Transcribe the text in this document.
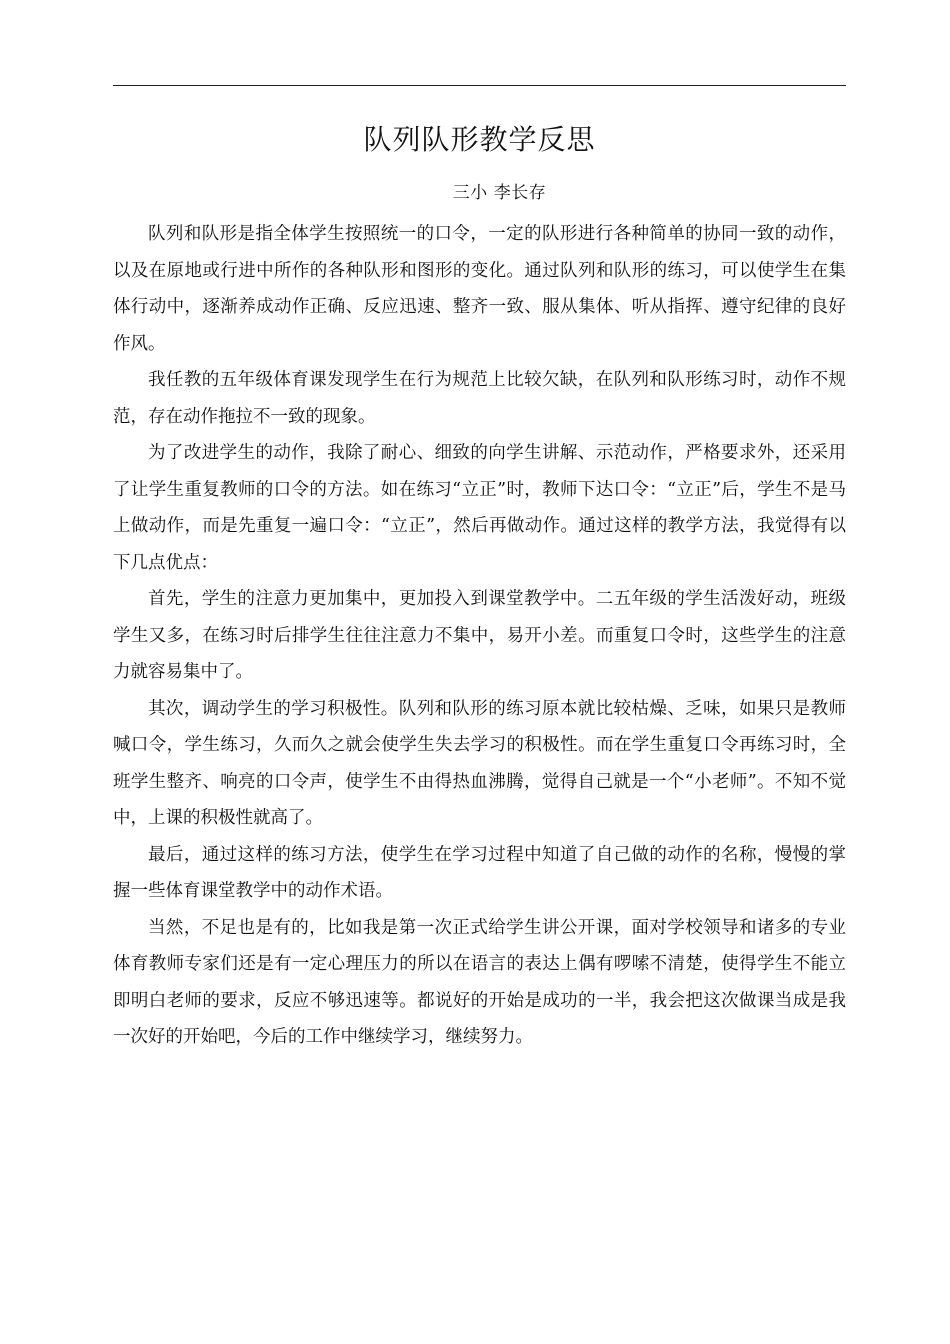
队列队形教学反思
三小 李长存

队列和队形是指全体学生按照统一的口令，一定的队形进行各种简单的协同一致的动作，以及在原地或行进中所作的各种队形和图形的变化。通过队列和队形的练习，可以使学生在集体行动中，逐渐养成动作正确、反应迅速、整齐一致、服从集体、听从指挥、遵守纪律的良好作风。

我任教的五年级体育课发现学生在行为规范上比较欠缺，在队列和队形练习时，动作不规范，存在动作拖拉不一致的现象。

为了改进学生的动作，我除了耐心、细致的向学生讲解、示范动作，严格要求外，还采用了让学生重复教师的口令的方法。如在练习“立正”时，教师下达口令：“立正”后，学生不是马上做动作，而是先重复一遍口令：“立正”，然后再做动作。通过这样的教学方法，我觉得有以下几点优点：

首先，学生的注意力更加集中，更加投入到课堂教学中。二五年级的学生活泼好动，班级学生又多，在练习时后排学生往往注意力不集中，易开小差。而重复口令时，这些学生的注意力就容易集中了。

其次，调动学生的学习积极性。队列和队形的练习原本就比较枯燥、乏味，如果只是教师喊口令，学生练习，久而久之就会使学生失去学习的积极性。而在学生重复口令再练习时，全班学生整齐、响亮的口令声，使学生不由得热血沸腾，觉得自己就是一个“小老师”。不知不觉中，上课的积极性就高了。

最后，通过这样的练习方法，使学生在学习过程中知道了自己做的动作的名称，慢慢的掌握一些体育课堂教学中的动作术语。

当然，不足也是有的，比如我是第一次正式给学生讲公开课，面对学校领导和诸多的专业体育教师专家们还是有一定心理压力的所以在语言的表达上偶有啰嗦不清楚，使得学生不能立即明白老师的要求，反应不够迅速等。都说好的开始是成功的一半，我会把这次做课当成是我一次好的开始吧，今后的工作中继续学习，继续努力。
